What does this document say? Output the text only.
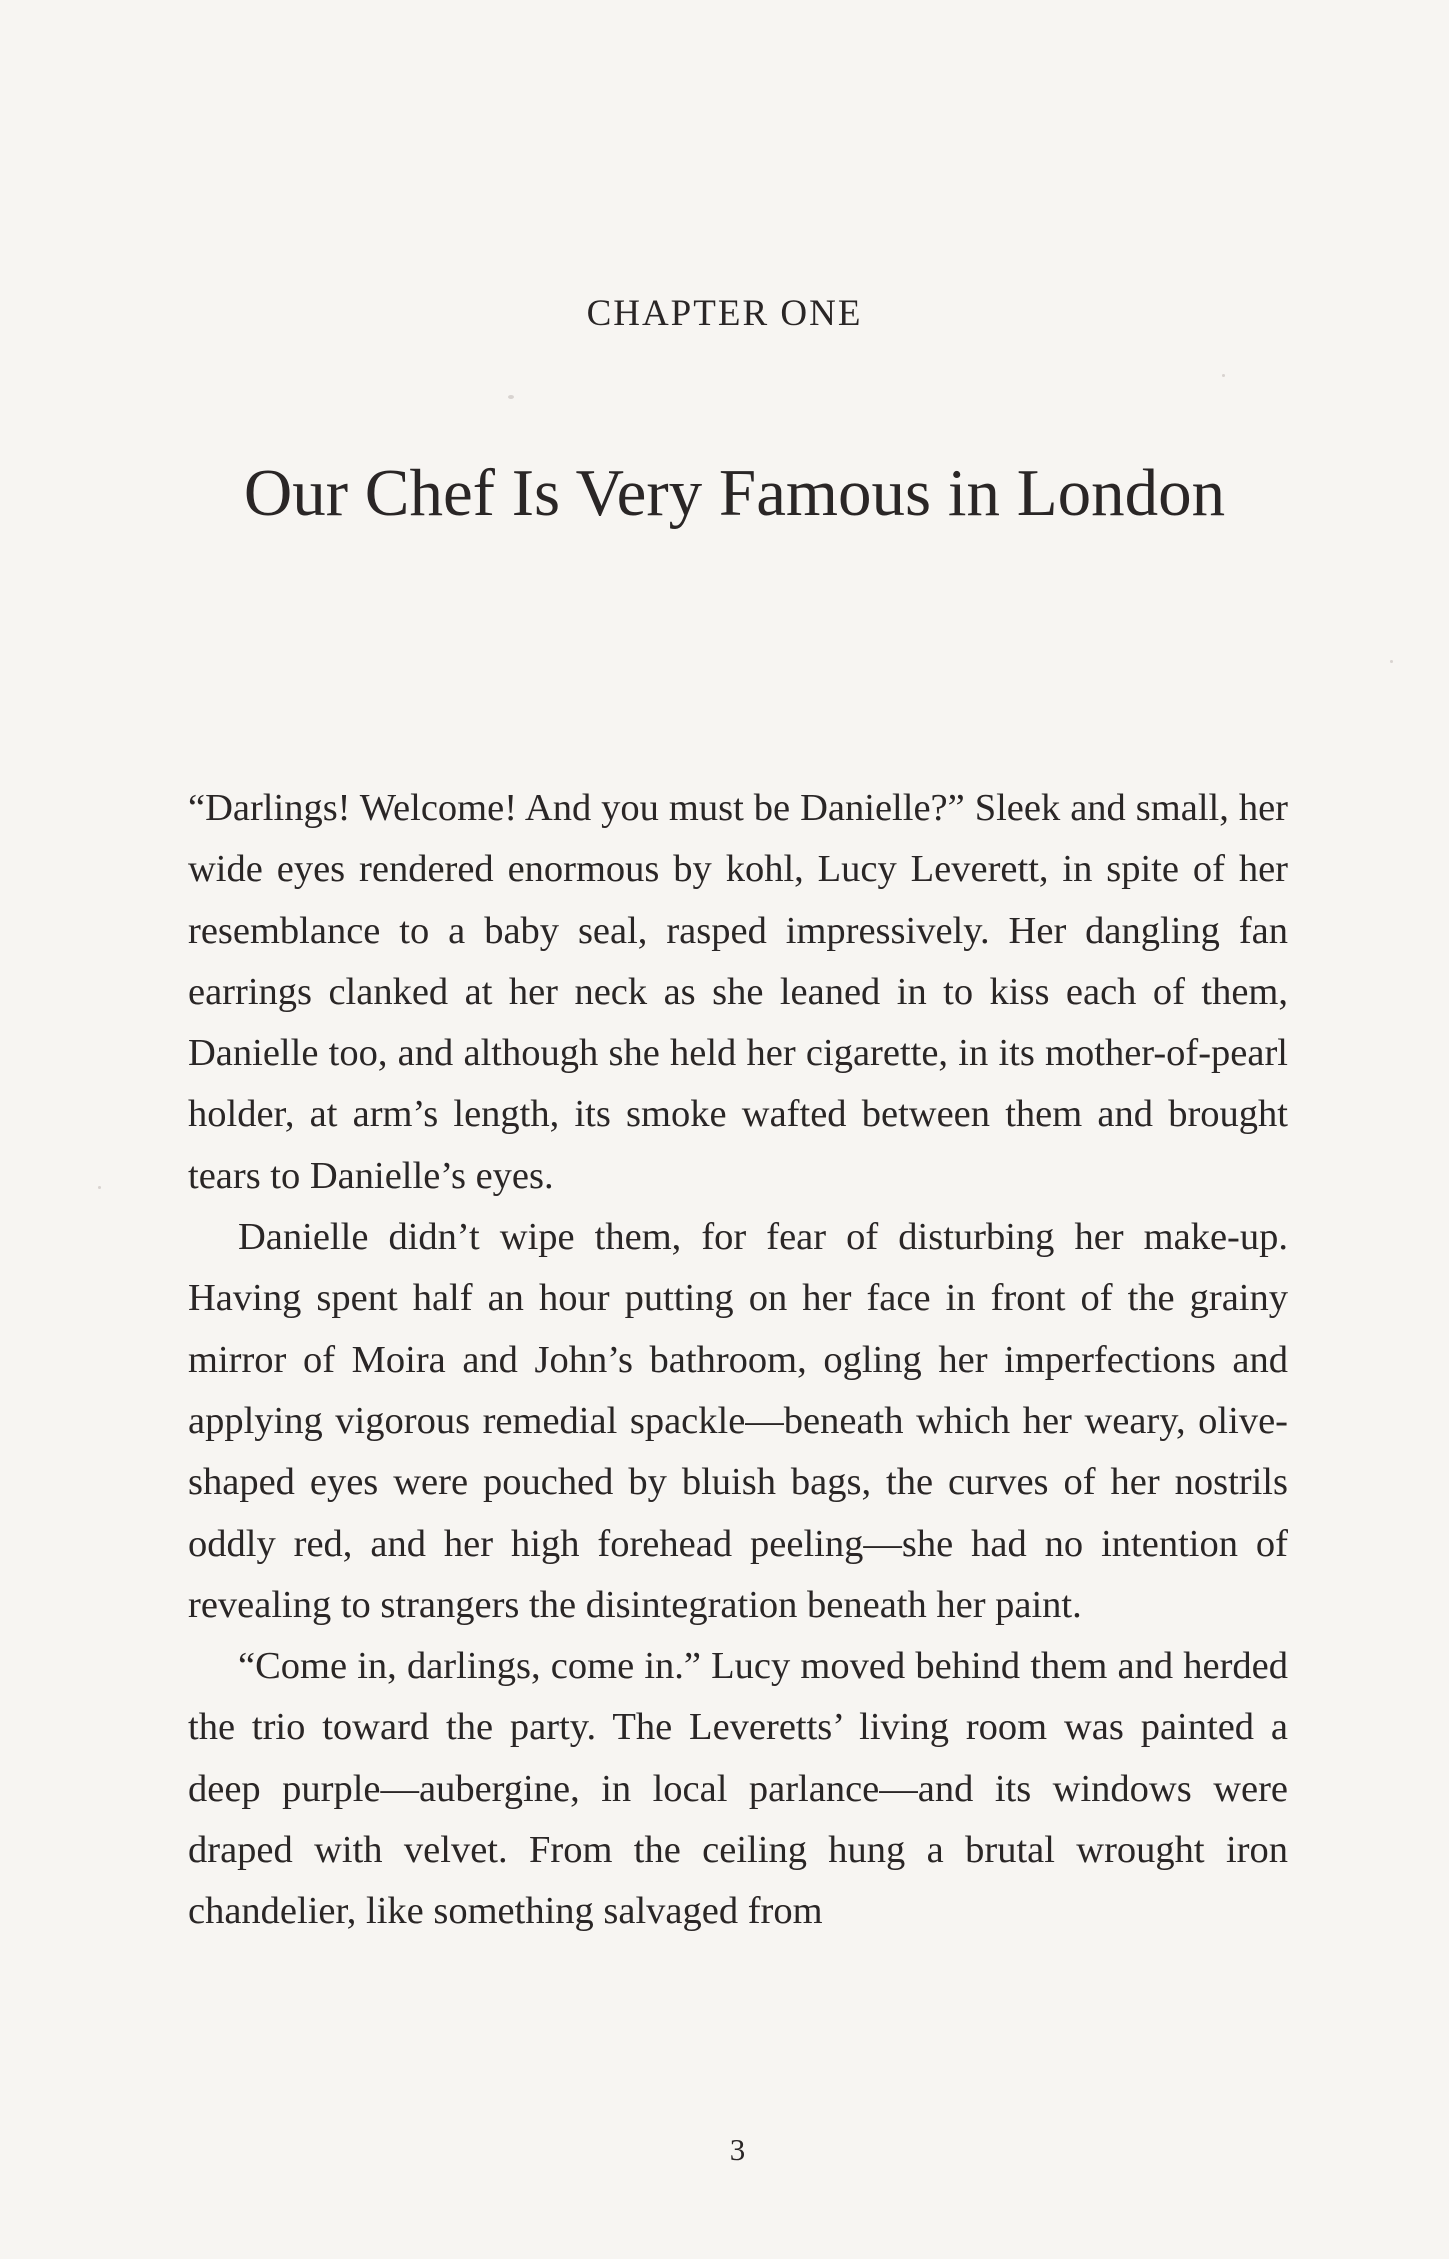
CHAPTER ONE
Our Chef Is Very Famous in London

“Darlings! Welcome! And you must be Danielle?” Sleek and small, her wide eyes rendered enormous by kohl, Lucy Leverett, in spite of her resemblance to a baby seal, rasped impressively. Her dangling fan earrings clanked at her neck as she leaned in to kiss each of them, Danielle too, and although she held her cigarette, in its mother-of-pearl holder, at arm’s length, its smoke wafted between them and brought tears to Danielle’s eyes.

Danielle didn’t wipe them, for fear of disturbing her make-up. Having spent half an hour putting on her face in front of the grainy mirror of Moira and John’s bathroom, ogling her imperfections and applying vigorous remedial spackle—beneath which her weary, olive-shaped eyes were pouched by bluish bags, the curves of her nostrils oddly red, and her high forehead peeling—she had no intention of revealing to strangers the disintegration beneath her paint.

“Come in, darlings, come in.” Lucy moved behind them and herded the trio toward the party. The Leveretts’ living room was painted a deep purple—aubergine, in local parlance—and its windows were draped with velvet. From the ceiling hung a brutal wrought iron chandelier, like something salvaged from

3
